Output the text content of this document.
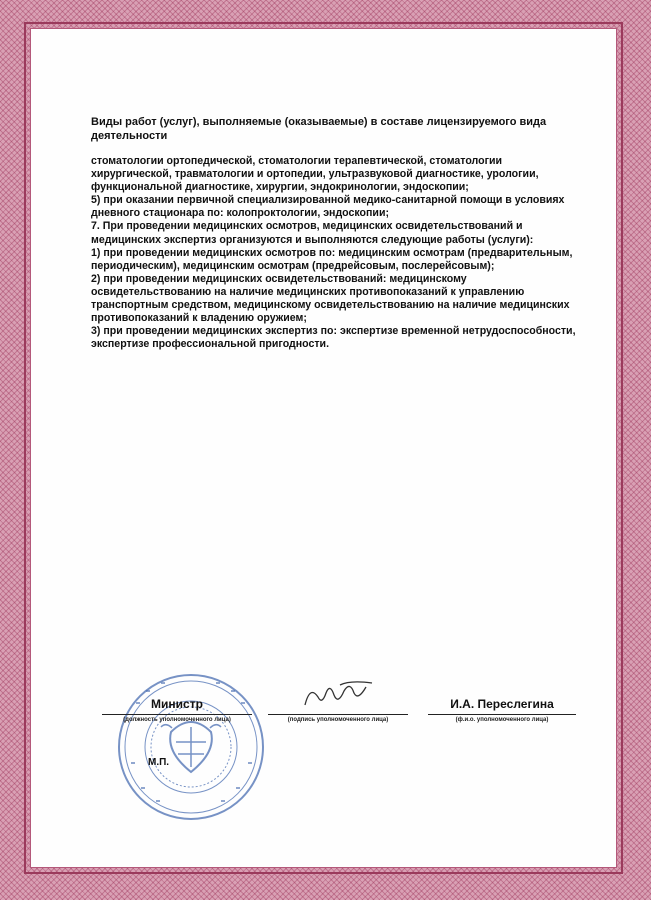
Виды работ (услуг), выполняемые (оказываемые) в составе лицензируемого вида деятельности

стоматологии ортопедической, стоматологии терапевтической, стоматологии хирургической, травматологии и ортопедии, ультразвуковой диагностике, урологии, функциональной диагностике, хирургии, эндокринологии, эндоскопии;

5) при оказании первичной специализированной медико-санитарной помощи в условиях дневного стационара по: колопроктологии, эндоскопии;

7. При проведении медицинских осмотров, медицинских освидетельствований и медицинских экспертиз организуются и выполняются следующие работы (услуги):

1) при проведении медицинских осмотров по: медицинским осмотрам (предварительным, периодическим), медицинским осмотрам (предрейсовым, послерейсовым);

2) при проведении медицинских освидетельствований: медицинскому освидетельствованию на наличие медицинских противопоказаний к управлению транспортным средством, медицинскому освидетельствованию на наличие медицинских противопоказаний к владению оружием;

3) при проведении медицинских экспертиз по: экспертизе временной нетрудоспособности, экспертизе профессиональной пригодности.

Министр
(должность уполномоченного лица)	(подпись уполномоченного лица)
И.А. Переслегина
(ф.и.о. уполномоченного лица)
М.П.
